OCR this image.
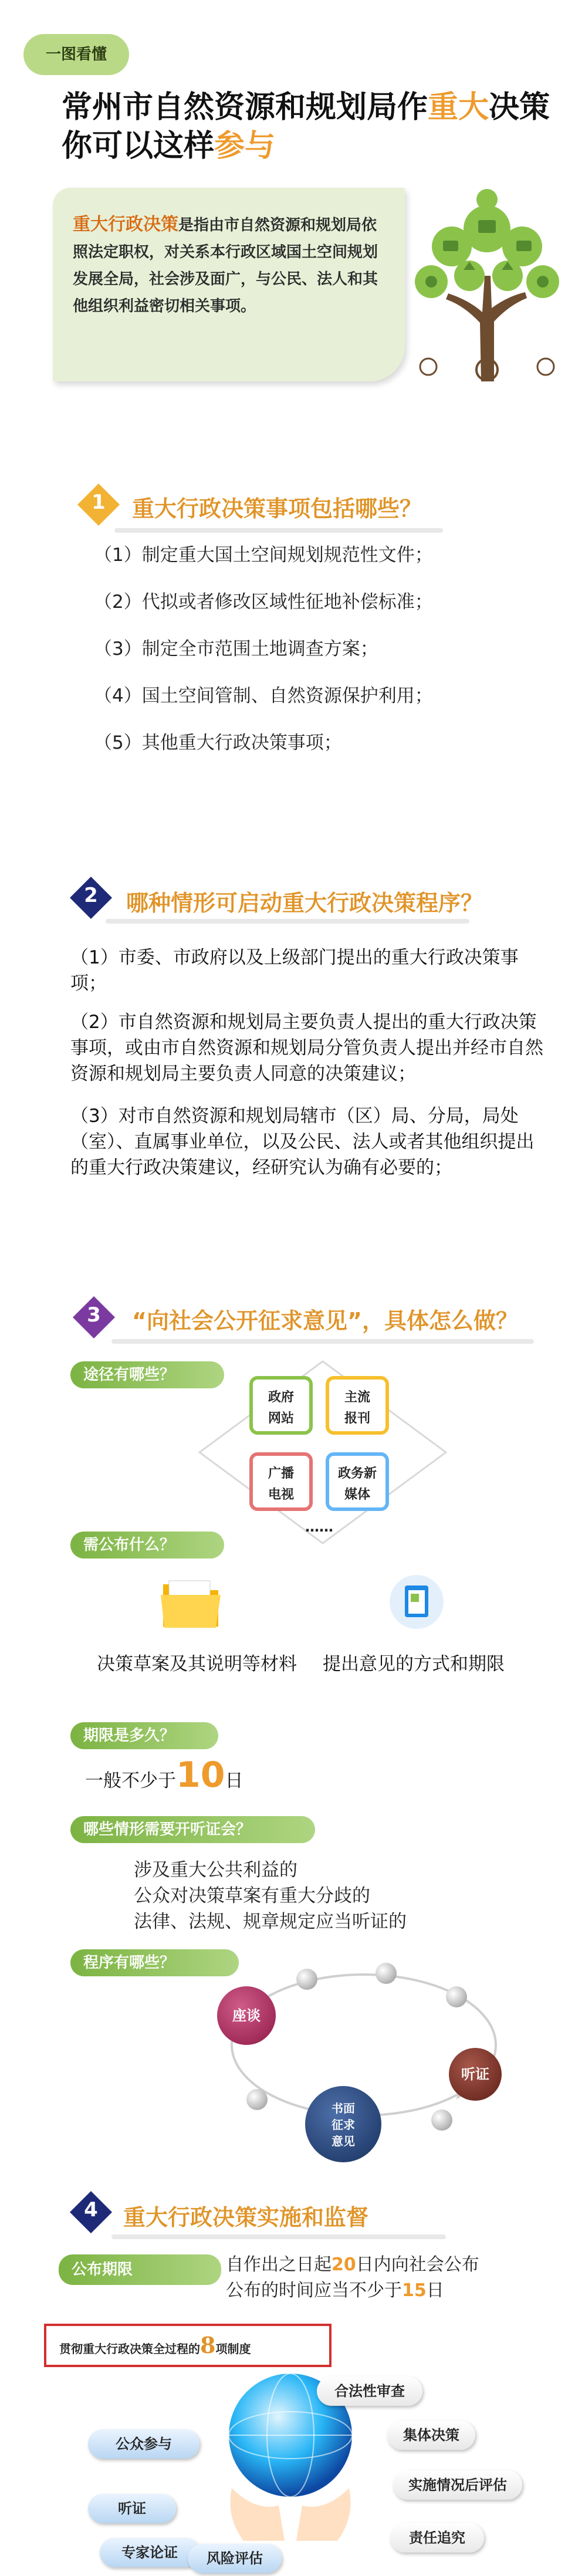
一图看懂
常州市自然资源和规划局作重大决策
你可以这样参与

重大行政决策是指由市自然资源和规划局依照法定职权，对关系本行政区域国土空间规划发展全局，社会涉及面广，与公民、法人和其他组织利益密切相关事项。

1 重大行政决策事项包括哪些？
（1）制定重大国土空间规划规范性文件；
（2）代拟或者修改区域性征地补偿标准；
（3）制定全市范围土地调查方案；
（4）国土空间管制、自然资源保护利用；
（5）其他重大行政决策事项；
2 哪种情形可启动重大行政决策程序？
（1）市委、市政府以及上级部门提出的重大行政决策事项；
（2）市自然资源和规划局主要负责人提出的重大行政决策事项，或由市自然资源和规划局分管负责人提出并经市自然资源和规划局主要负责人同意的决策建议；
（3）对市自然资源和规划局辖市（区）局、分局，局处（室）、直属事业单位，以及公民、法人或者其他组织提出的重大行政决策建议，经研究认为确有必要的；
3 “向社会公开征求意见”，具体怎么做？
途径有哪些？
政府
网站
主流
报刊
广播
电视
政务新
媒体
……
需公布什么？
决策草案及其说明等材料 提出意见的方式和期限
期限是多久？
一般不少于10日
哪些情形需要开听证会？
涉及重大公共利益的
公众对决策草案有重大分歧的
法律、法规、规章规定应当听证的
程序有哪些？
座谈
听证
书面
征求
意见
4 重大行政决策实施和监督
公布期限	自作出之日起20日内向社会公布
公布的时间应当不少于15日
贯彻重大行政决策全过程的8项制度
合法性审查
集体决策
实施情况后评估
责任追究
公众参与
听证
专家论证	风险评估
